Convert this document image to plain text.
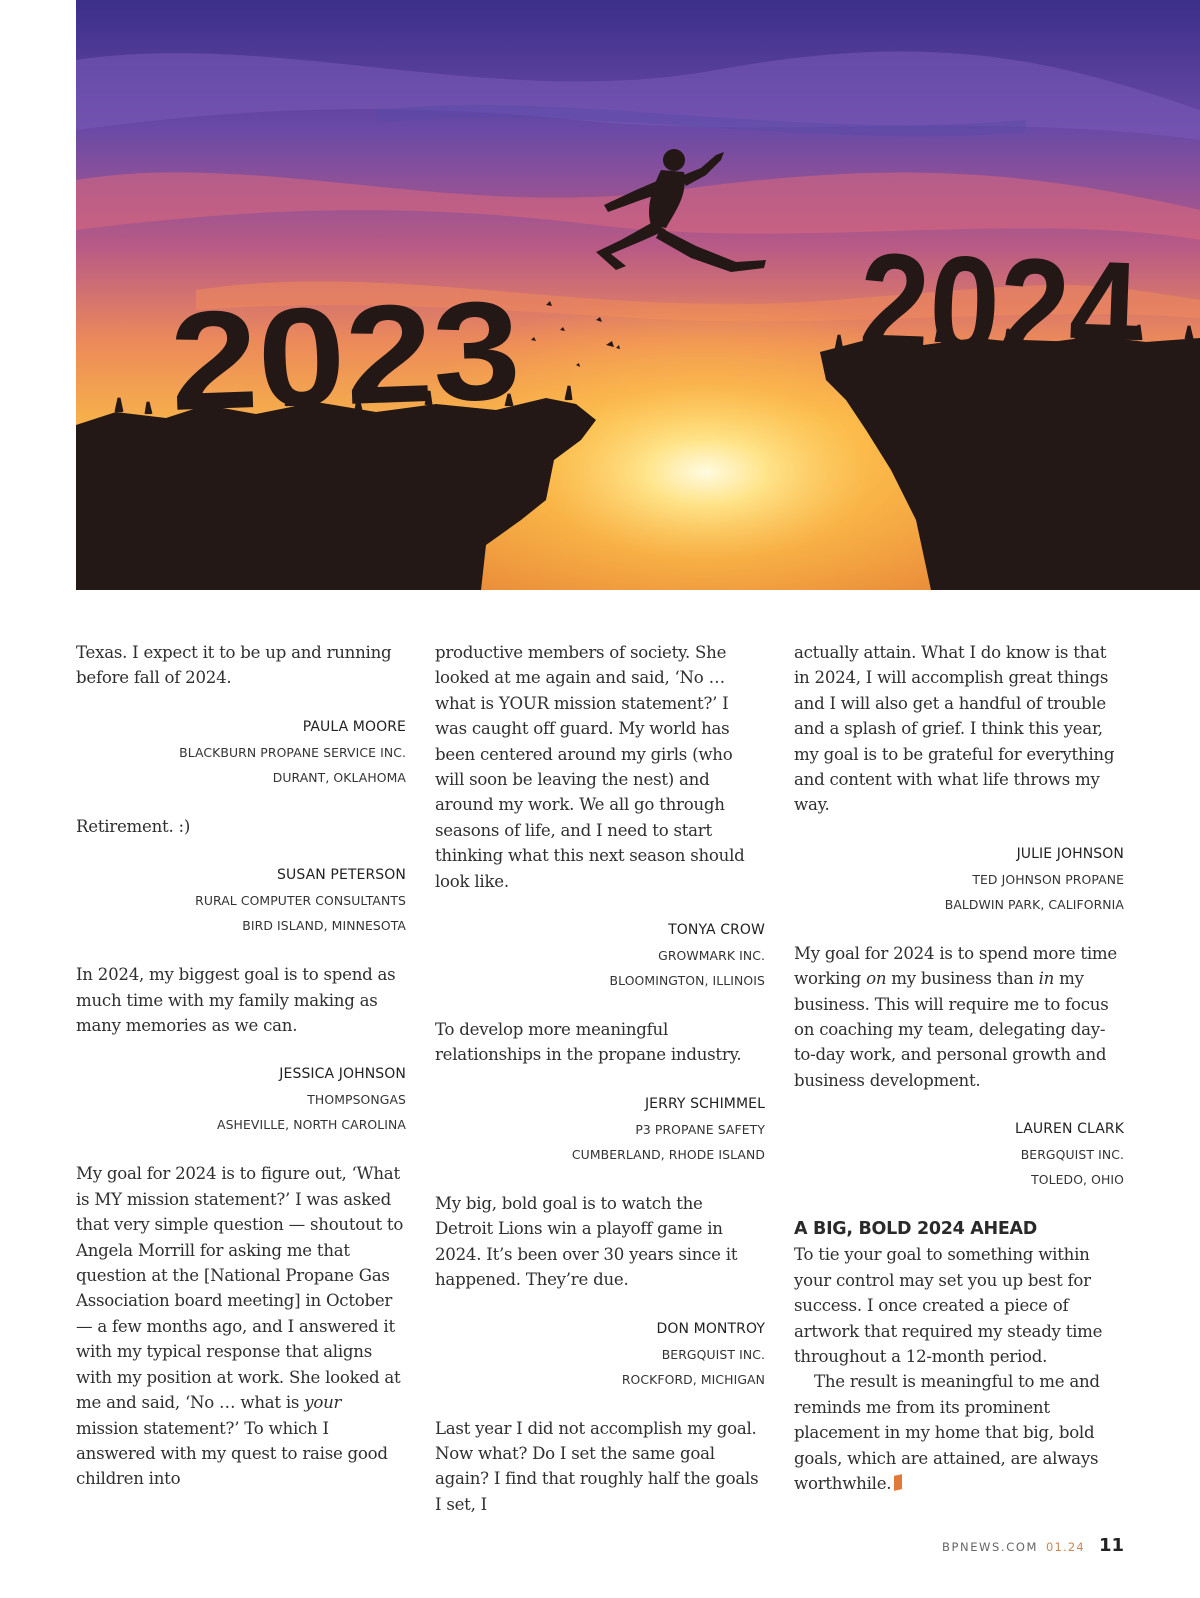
2023	2024

Texas. I expect it to be up and running before fall of 2024.

PAULA MOORE
BLACKBURN PROPANE SERVICE INC.
DURANT, OKLAHOMA

Retirement. :)

SUSAN PETERSON
RURAL COMPUTER CONSULTANTS
BIRD ISLAND, MINNESOTA

In 2024, my biggest goal is to spend as much time with my family making as many memories as we can.

JESSICA JOHNSON
THOMPSONGAS
ASHEVILLE, NORTH CAROLINA

My goal for 2024 is to figure out, ‘What is MY mission statement?’ I was asked that very simple question — shoutout to Angela Morrill for asking me that question at the [National Propane Gas Association board meeting] in October — a few months ago, and I answered it with my typical response that aligns with my position at work. She looked at me and said, ‘No … what is your mission statement?’ To which I answered with my quest to raise good children into

productive members of society. She looked at me again and said, ‘No … what is YOUR mission statement?’ I was caught off guard. My world has been centered around my girls (who will soon be leaving the nest) and around my work. We all go through seasons of life, and I need to start thinking what this next season should look like.

TONYA CROW
GROWMARK INC.
BLOOMINGTON, ILLINOIS

To develop more meaningful relationships in the propane industry.

JERRY SCHIMMEL
P3 PROPANE SAFETY
CUMBERLAND, RHODE ISLAND

My big, bold goal is to watch the Detroit Lions win a playoff game in 2024. It’s been over 30 years since it happened. They’re due.

DON MONTROY
BERGQUIST INC.
ROCKFORD, MICHIGAN

Last year I did not accomplish my goal. Now what? Do I set the same goal again? I find that roughly half the goals I set, I

actually attain. What I do know is that in 2024, I will accomplish great things and I will also get a handful of trouble and a splash of grief. I think this year, my goal is to be grateful for everything and content with what life throws my way.

JULIE JOHNSON
TED JOHNSON PROPANE
BALDWIN PARK, CALIFORNIA

My goal for 2024 is to spend more time working on my business than in my business. This will require me to focus on coaching my team, delegating day-to-day work, and personal growth and business development.

LAUREN CLARK
BERGQUIST INC.
TOLEDO, OHIO
A BIG, BOLD 2024 AHEAD

To tie your goal to something within your control may set you up best for success. I once created a piece of artwork that required my steady time throughout a 12-month period.

The result is meaningful to me and reminds me from its prominent placement in my home that big, bold goals, which are attained, are always worthwhile.

BPNEWS.COM 01.24 11
